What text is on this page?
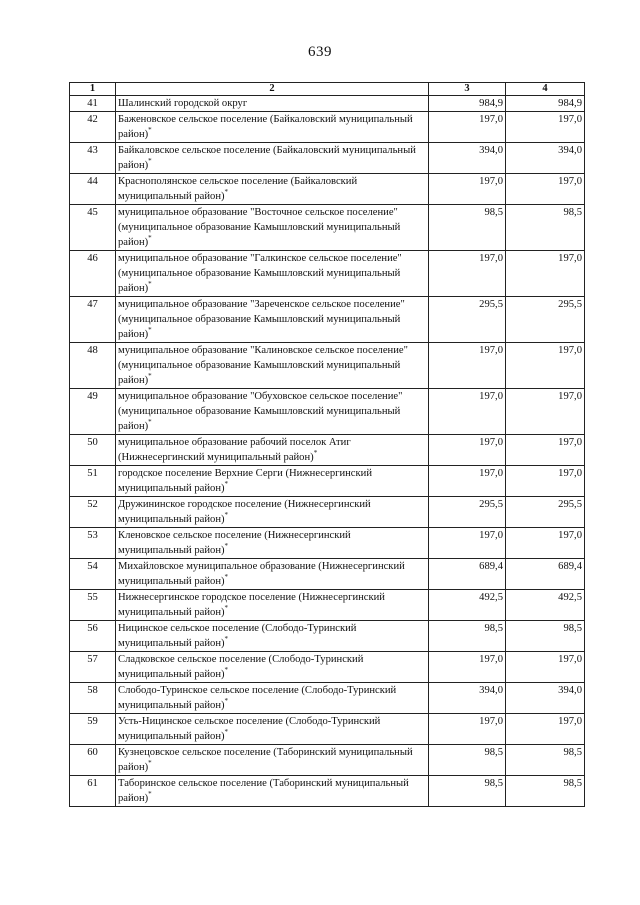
639
1	2	3	4
41	Шалинский городской округ	984,9	984,9
42	Баженовское сельское поселение (Байкаловский муниципальный район)*	197,0	197,0
43	Байкаловское сельское поселение (Байкаловский муниципальный район)*	394,0	394,0
44	Краснополянское сельское поселение (Байкаловский муниципальный район)*	197,0	197,0
45	муниципальное образование "Восточное сельское поселение" (муниципальное образование Камышловский муниципальный район)*	98,5	98,5
46	муниципальное образование "Галкинское сельское поселение" (муниципальное образование Камышловский муниципальный район)*	197,0	197,0
47	муниципальное образование "Зареченское сельское поселение" (муниципальное образование Камышловский муниципальный район)*	295,5	295,5
48	муниципальное образование "Калиновское сельское поселение" (муниципальное образование Камышловский муниципальный район)*	197,0	197,0
49	муниципальное образование "Обуховское сельское поселение" (муниципальное образование Камышловский муниципальный район)*	197,0	197,0
50	муниципальное образование рабочий поселок Атиг (Нижнесергинский муниципальный район)*	197,0	197,0
51	городское поселение Верхние Серги (Нижнесергинский муниципальный район)*	197,0	197,0
52	Дружининское городское поселение (Нижнесергинский муниципальный район)*	295,5	295,5
53	Кленовское сельское поселение (Нижнесергинский муниципальный район)*	197,0	197,0
54	Михайловское муниципальное образование (Нижнесергинский муниципальный район)*	689,4	689,4
55	Нижнесергинское городское поселение (Нижнесергинский муниципальный район)*	492,5	492,5
56	Ницинское сельское поселение (Слободо-Туринский муниципальный район)*	98,5	98,5
57	Сладковское сельское поселение (Слободо-Туринский муниципальный район)*	197,0	197,0
58	Слободо-Туринское сельское поселение (Слободо-Туринский муниципальный район)*	394,0	394,0
59	Усть-Ницинское сельское поселение (Слободо-Туринский муниципальный район)*	197,0	197,0
60	Кузнецовское сельское поселение (Таборинский муниципальный район)*	98,5	98,5
61	Таборинское сельское поселение (Таборинский муниципальный район)*	98,5	98,5
